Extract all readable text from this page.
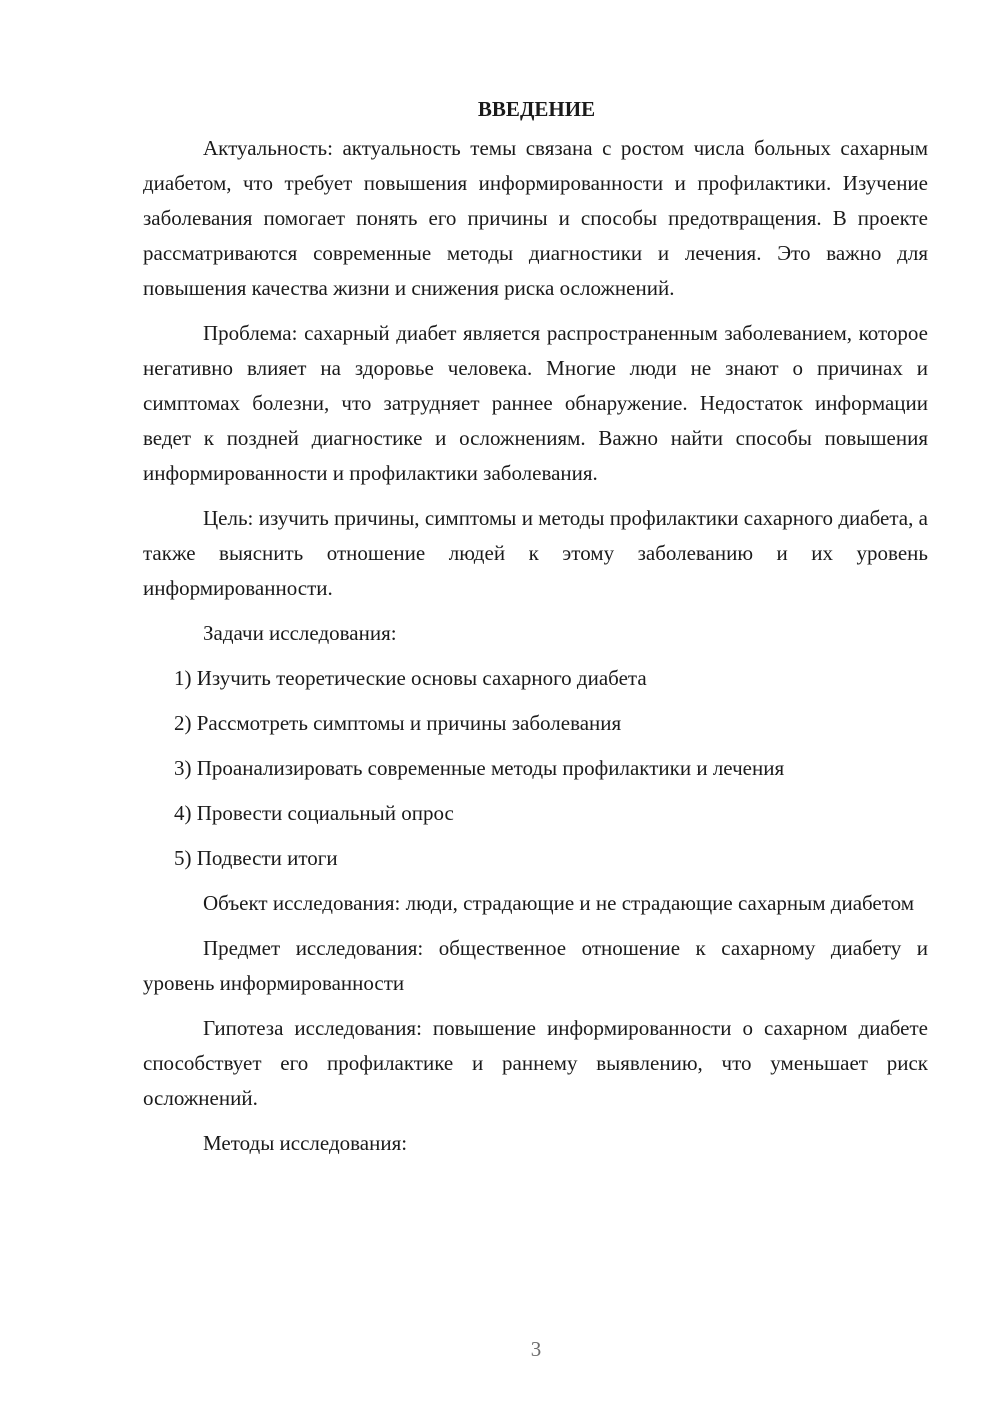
ВВЕДЕНИЕ

Актуальность: актуальность темы связана с ростом числа больных сахарным диабетом, что требует повышения информированности и профилактики. Изучение заболевания помогает понять его причины и способы предотвращения. В проекте рассматриваются современные методы диагностики и лечения. Это важно для повышения качества жизни и снижения риска осложнений.

Проблема: сахарный диабет является распространенным заболеванием, которое негативно влияет на здоровье человека. Многие люди не знают о причинах и симптомах болезни, что затрудняет раннее обнаружение. Недостаток информации ведет к поздней диагностике и осложнениям. Важно найти способы повышения информированности и профилактики заболевания.

Цель: изучить причины, симптомы и методы профилактики сахарного диабета, а также выяснить отношение людей к этому заболеванию и их уровень информированности.

Задачи исследования:

1) Изучить теоретические основы сахарного диабета
2) Рассмотреть симптомы и причины заболевания
3) Проанализировать современные методы профилактики и лечения
4) Провести социальный опрос
5) Подвести итоги

Объект исследования: люди, страдающие и не страдающие сахарным диабетом

Предмет исследования: общественное отношение к сахарному диабету и уровень информированности

Гипотеза исследования: повышение информированности о сахарном диабете способствует его профилактике и раннему выявлению, что уменьшает риск осложнений.

Методы исследования:

3
